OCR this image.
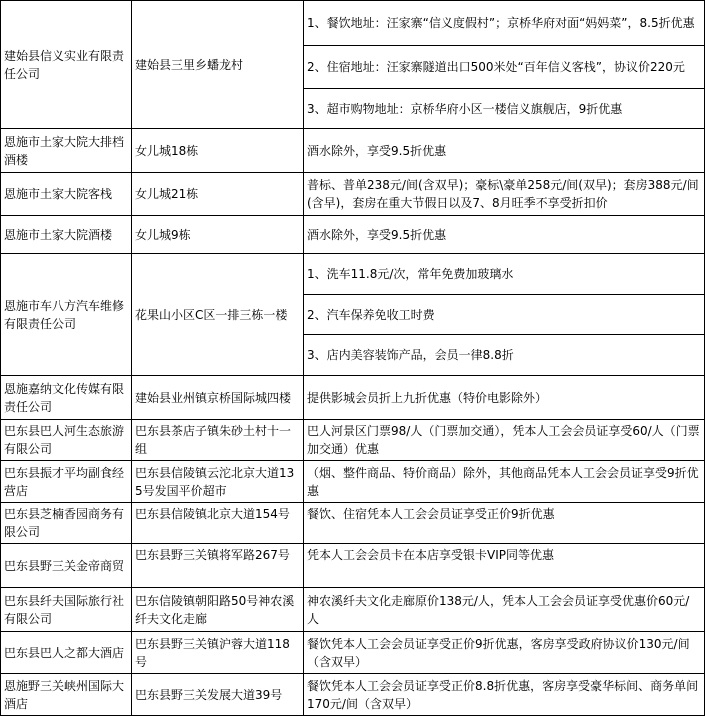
建始县信义实业有限责任公司	建始县三里乡蟠龙村	1、餐饮地址：汪家寨“信义度假村”；京桥华府对面“妈妈菜”，8.5折优惠
		2、住宿地址：汪家寨隧道出口500米处“百年信义客栈”，协议价220元
		3、超市购物地址：京桥华府小区一楼信义旗舰店，9折优惠
恩施市土家大院大排档酒楼	女儿城18栋	酒水除外，享受9.5折优惠
恩施市土家大院客栈	女儿城21栋	普标、普单238元/间(含双早)；豪标\豪单258元/间(双早)；套房388元/间(含早)，套房在重大节假日以及7、8月旺季不享受折扣价
恩施市土家大院酒楼	女儿城9栋	酒水除外，享受9.5折优惠
恩施市车八方汽车维修有限责任公司	花果山小区C区一排三栋一楼	1、洗车11.8元/次，常年免费加玻璃水
		2、汽车保养免收工时费
		3、店内美容装饰产品，会员一律8.8折
恩施嘉纳文化传媒有限责任公司	建始县业州镇京桥国际城四楼	提供影城会员折上九折优惠（特价电影除外）
巴东县巴人河生态旅游有限公司	巴东县茶店子镇朱砂土村十一组	巴人河景区门票98/人（门票加交通），凭本人工会会员证享受60/人（门票加交通）优惠
巴东县振才平均副食经营店	巴东县信陵镇云沱北京大道135号发国平价超市	（烟、整件商品、特价商品）除外，其他商品凭本人工会会员证享受9折优惠
巴东县芝楠香园商务有限公司	巴东县信陵镇北京大道154号	餐饮、住宿凭本人工会会员证享受正价9折优惠
巴东县野三关金帝商贸	巴东县野三关镇将军路267号	凭本人工会会员卡在本店享受银卡VIP同等优惠
巴东县纤夫国际旅行社有限公司	巴东信陵镇朝阳路50号神农溪纤夫文化走廊	神农溪纤夫文化走廊原价138元/人，凭本人工会会员证享受优惠价60元/人
巴东县巴人之都大酒店	巴东县野三关镇沪蓉大道118号	餐饮凭本人工会会员证享受正价9折优惠，客房享受政府协议价130元/间（含双早）
恩施野三关峡州国际大酒店	巴东县野三关发展大道39号	餐饮凭本人工会会员证享受正价8.8折优惠，客房享受豪华标间、商务单间170元/间（含双早）
